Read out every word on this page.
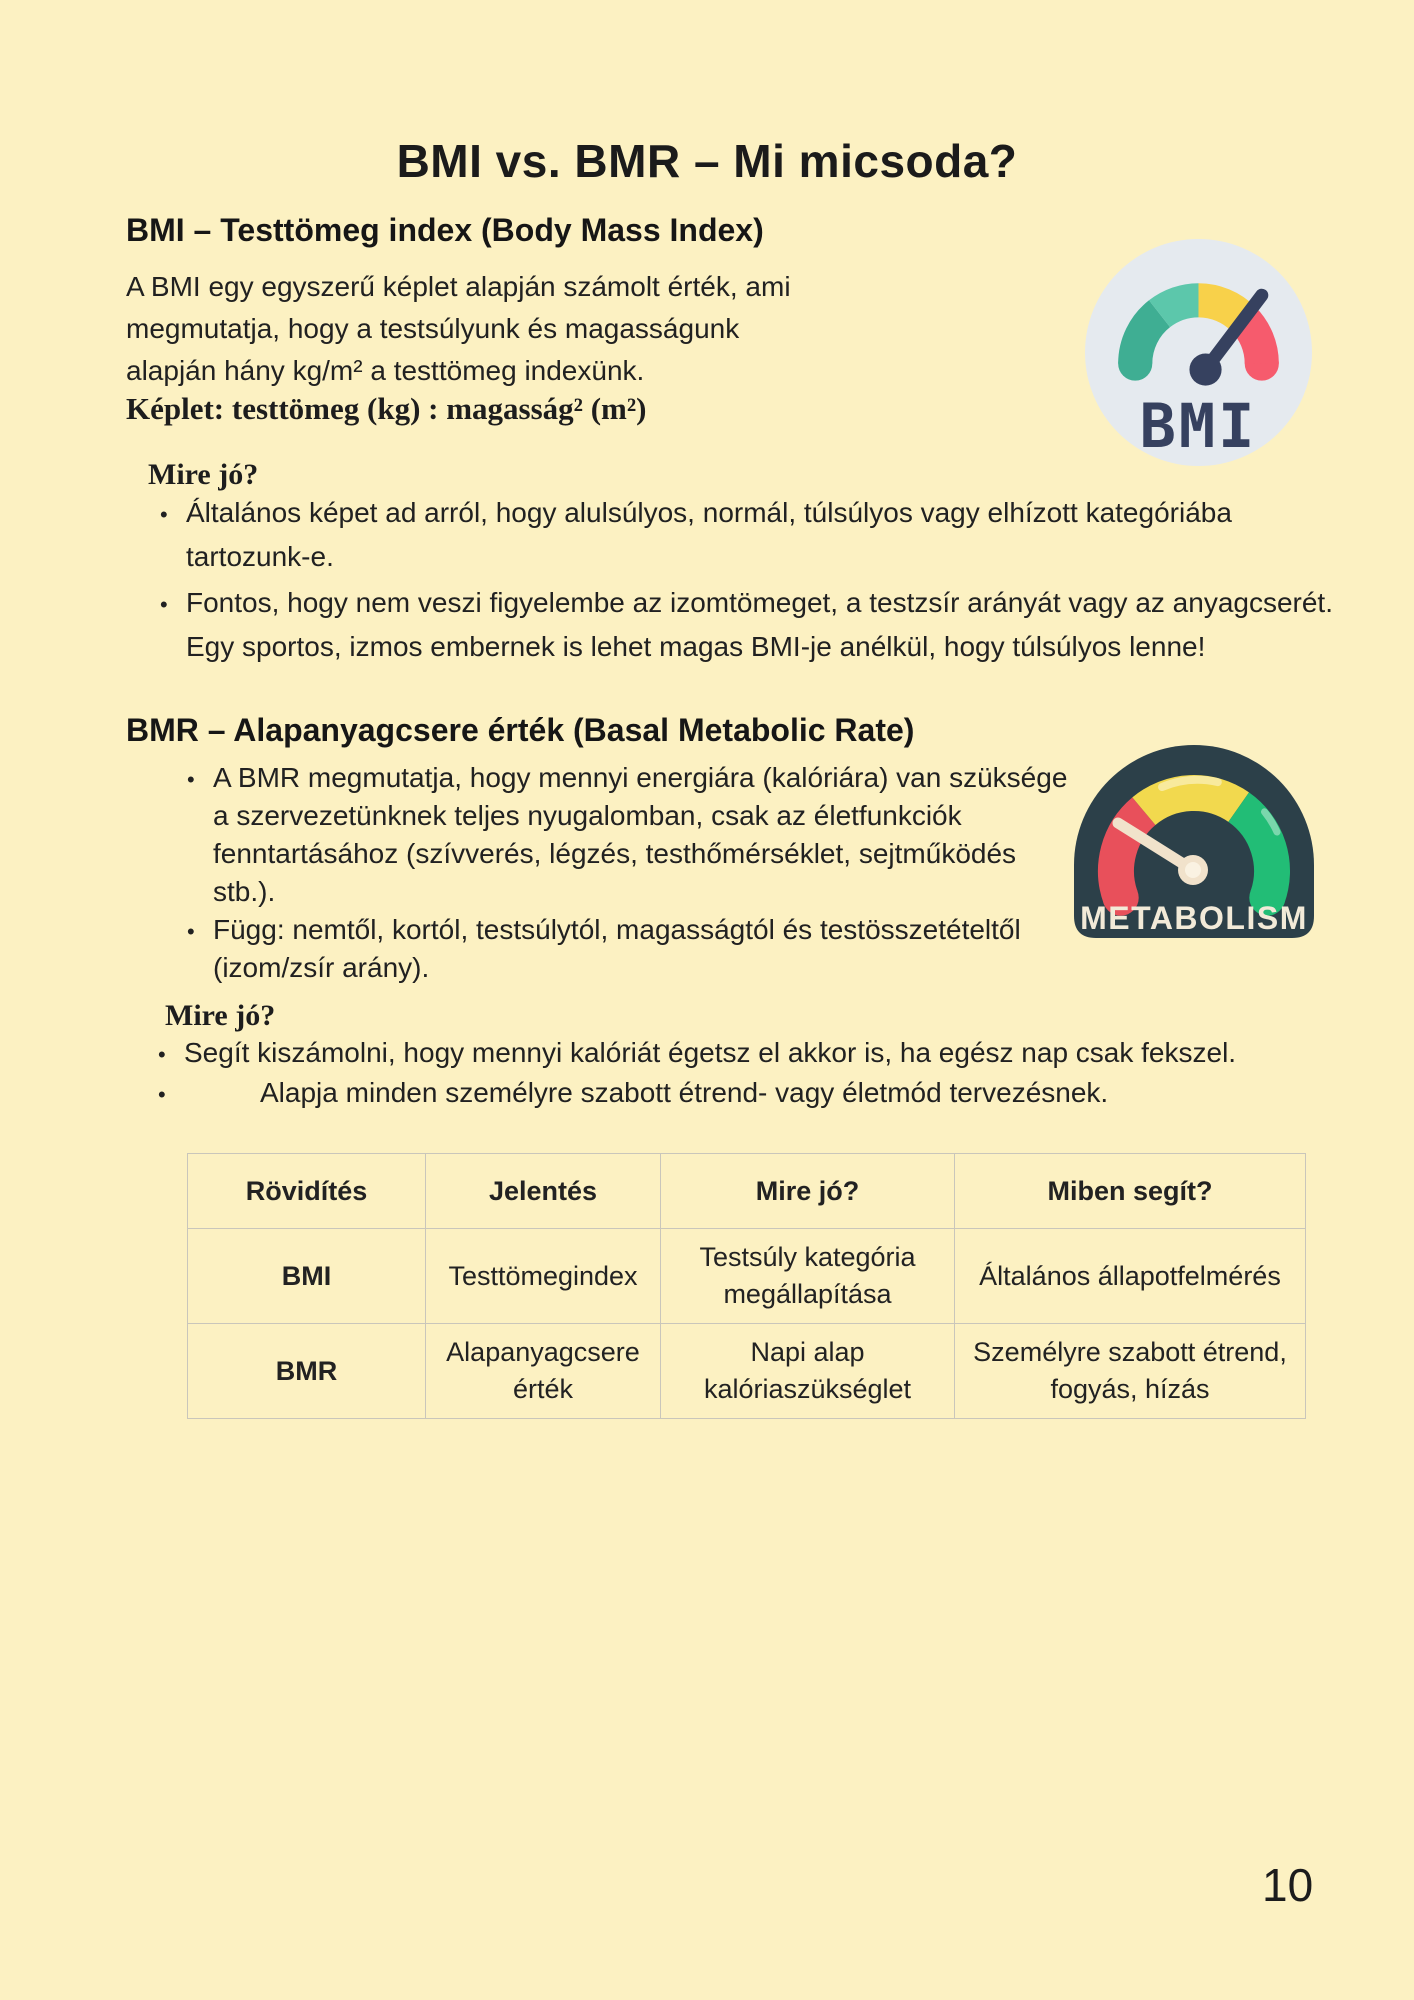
BMI vs. BMR – Mi micsoda?
BMI – Testtömeg index (Body Mass Index)
A BMI egy egyszerű képlet alapján számolt érték, ami megmutatja, hogy a testsúlyunk és magasságunk alapján hány kg/m² a testtömeg indexünk.
Képlet: testtömeg (kg) : magasság² (m²)
Mire jó?
• Általános képet ad arról, hogy alulsúlyos, normál, túlsúlyos vagy elhízott kategóriába tartozunk-e.
• Fontos, hogy nem veszi figyelembe az izomtömeget, a testzsír arányát vagy az anyagcserét. Egy sportos, izmos embernek is lehet magas BMI-je anélkül, hogy túlsúlyos lenne!
BMR – Alapanyagcsere érték (Basal Metabolic Rate)
• A BMR megmutatja, hogy mennyi energiára (kalóriára) van szüksége a szervezetünknek teljes nyugalomban, csak az életfunkciók fenntartásához (szívverés, légzés, testhőmérséklet, sejtműködés stb.).
• Függ: nemtől, kortól, testsúlytól, magasságtól és testösszetételtől (izom/zsír arány).
Mire jó?
• Segít kiszámolni, hogy mennyi kalóriát égetsz el akkor is, ha egész nap csak fekszel.
• Alapja minden személyre szabott étrend- vagy életmód tervezésnek.
BMI
METABOLISM
Rövidítés	Jelentés	Mire jó?	Miben segít?
BMI	Testtömegindex	Testsúly kategória megállapítása	Általános állapotfelmérés
BMR	Alapanyagcsere érték	Napi alap kalóriaszükséglet	Személyre szabott étrend, fogyás, hízás
10
